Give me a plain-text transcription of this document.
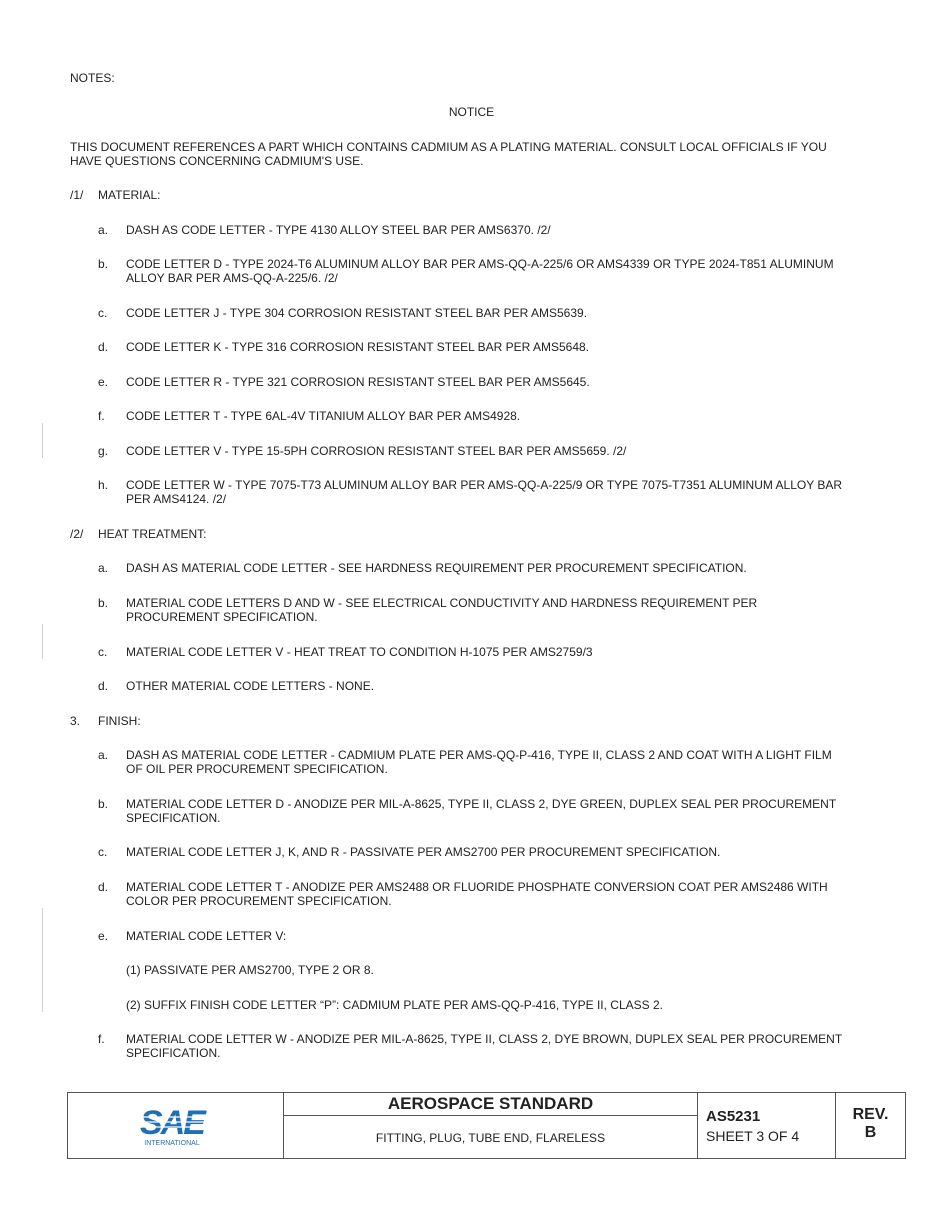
NOTES:
NOTICE
THIS DOCUMENT REFERENCES A PART WHICH CONTAINS CADMIUM AS A PLATING MATERIAL. CONSULT LOCAL OFFICIALS IF YOU
HAVE QUESTIONS CONCERNING CADMIUM'S USE.
/1/ MATERIAL:
a. DASH AS CODE LETTER - TYPE 4130 ALLOY STEEL BAR PER AMS6370. /2/
b. CODE LETTER D - TYPE 2024-T6 ALUMINUM ALLOY BAR PER AMS-QQ-A-225/6 OR AMS4339 OR TYPE 2024-T851 ALUMINUM
ALLOY BAR PER AMS-QQ-A-225/6. /2/
c. CODE LETTER J - TYPE 304 CORROSION RESISTANT STEEL BAR PER AMS5639.
d. CODE LETTER K - TYPE 316 CORROSION RESISTANT STEEL BAR PER AMS5648.
e. CODE LETTER R - TYPE 321 CORROSION RESISTANT STEEL BAR PER AMS5645.
f. CODE LETTER T - TYPE 6AL-4V TITANIUM ALLOY BAR PER AMS4928.
g. CODE LETTER V - TYPE 15-5PH CORROSION RESISTANT STEEL BAR PER AMS5659. /2/
h. CODE LETTER W - TYPE 7075-T73 ALUMINUM ALLOY BAR PER AMS-QQ-A-225/9 OR TYPE 7075-T7351 ALUMINUM ALLOY BAR
PER AMS4124. /2/
/2/ HEAT TREATMENT:
a. DASH AS MATERIAL CODE LETTER - SEE HARDNESS REQUIREMENT PER PROCUREMENT SPECIFICATION.
b. MATERIAL CODE LETTERS D AND W - SEE ELECTRICAL CONDUCTIVITY AND HARDNESS REQUIREMENT PER
PROCUREMENT SPECIFICATION.
c. MATERIAL CODE LETTER V - HEAT TREAT TO CONDITION H-1075 PER AMS2759/3
d. OTHER MATERIAL CODE LETTERS - NONE.
3. FINISH:
a. DASH AS MATERIAL CODE LETTER - CADMIUM PLATE PER AMS-QQ-P-416, TYPE II, CLASS 2 AND COAT WITH A LIGHT FILM
OF OIL PER PROCUREMENT SPECIFICATION.
b. MATERIAL CODE LETTER D - ANODIZE PER MIL-A-8625, TYPE II, CLASS 2, DYE GREEN, DUPLEX SEAL PER PROCUREMENT
SPECIFICATION.
c. MATERIAL CODE LETTER J, K, AND R - PASSIVATE PER AMS2700 PER PROCUREMENT SPECIFICATION.
d. MATERIAL CODE LETTER T - ANODIZE PER AMS2488 OR FLUORIDE PHOSPHATE CONVERSION COAT PER AMS2486 WITH
COLOR PER PROCUREMENT SPECIFICATION.
e. MATERIAL CODE LETTER V:
(1) PASSIVATE PER AMS2700, TYPE 2 OR 8.
(2) SUFFIX FINISH CODE LETTER “P”: CADMIUM PLATE PER AMS-QQ-P-416, TYPE II, CLASS 2.
f. MATERIAL CODE LETTER W - ANODIZE PER MIL-A-8625, TYPE II, CLASS 2, DYE BROWN, DUPLEX SEAL PER PROCUREMENT
SPECIFICATION.
SAE
INTERNATIONAL
AEROSPACE STANDARD
FITTING, PLUG, TUBE END, FLARELESS
AS5231
SHEET 3 OF 4
REV.
B
